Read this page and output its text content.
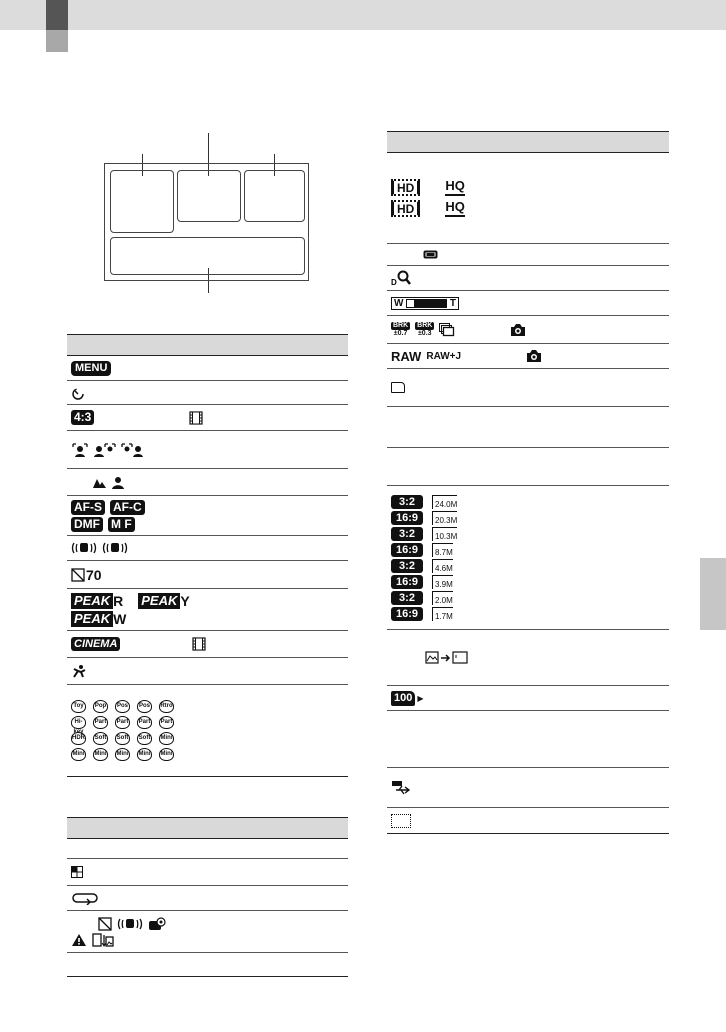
MENU

4:3

AF-S AF-C
DMF M F

70

PEAK R PEAK Y
PEAK W

CINEMA

Toy	Pop	Pos	Pos	Rtro
Hi-key
Part Part Part Part
HDR Soft Soft Soft Mini
Mini Mini Mini Mini Mini

HD	HQ
HD	HQ

D

W	T

BRK
±0.7
BRK
±0.3

RAW RAW+J

3:2	24.0M
16:9	20.3M
3:2	10.3M
16:9	8.7M
3:2	4.6M
16:9	3.9M
3:2	2.0M
16:9	1.7M

100 ▶
